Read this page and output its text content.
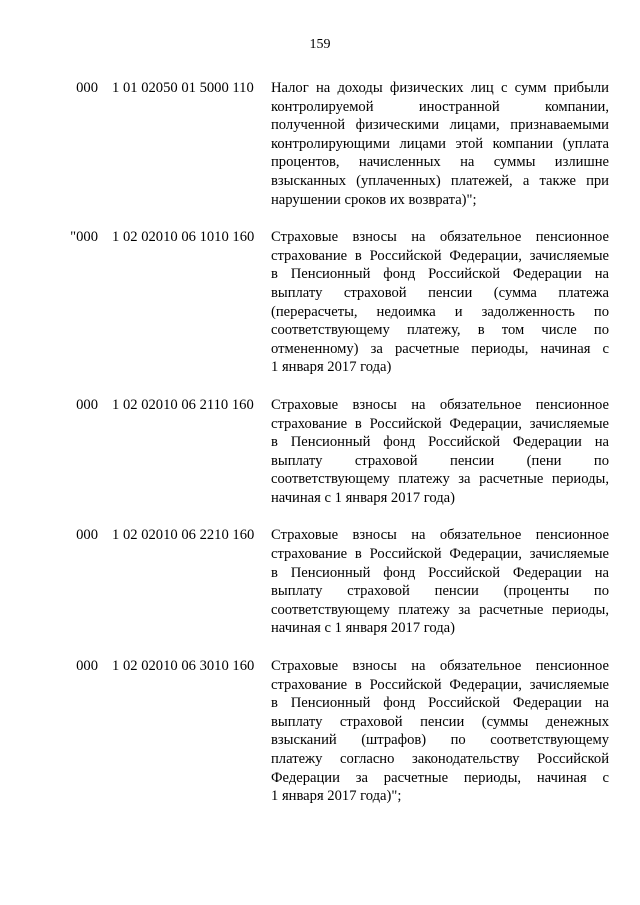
159
000 1 01 02050 01 5000 110 Налог на доходы физических лиц с сумм прибыли
контролируемой иностранной компании,
полученной физическими лицами, признаваемыми
контролирующими лицами этой компании (уплата
процентов, начисленных на суммы излишне
взысканных (уплаченных) платежей, а также при
нарушении сроков их возврата)";
"000 1 02 02010 06 1010 160 Страховые взносы на обязательное пенсионное
страхование в Российской Федерации, зачисляемые
в Пенсионный фонд Российской Федерации на
выплату страховой пенсии (сумма платежа
(перерасчеты, недоимка и задолженность по
соответствующему платежу, в том числе по
отмененному) за расчетные периоды, начиная с
1 января 2017 года)
000 1 02 02010 06 2110 160 Страховые взносы на обязательное пенсионное
страхование в Российской Федерации, зачисляемые
в Пенсионный фонд Российской Федерации на
выплату страховой пенсии (пени по
соответствующему платежу за расчетные периоды,
начиная с 1 января 2017 года)
000 1 02 02010 06 2210 160 Страховые взносы на обязательное пенсионное
страхование в Российской Федерации, зачисляемые
в Пенсионный фонд Российской Федерации на
выплату страховой пенсии (проценты по
соответствующему платежу за расчетные периоды,
начиная с 1 января 2017 года)
000 1 02 02010 06 3010 160 Страховые взносы на обязательное пенсионное
страхование в Российской Федерации, зачисляемые
в Пенсионный фонд Российской Федерации на
выплату страховой пенсии (суммы денежных
взысканий (штрафов) по соответствующему
платежу согласно законодательству Российской
Федерации за расчетные периоды, начиная с
1 января 2017 года)";
